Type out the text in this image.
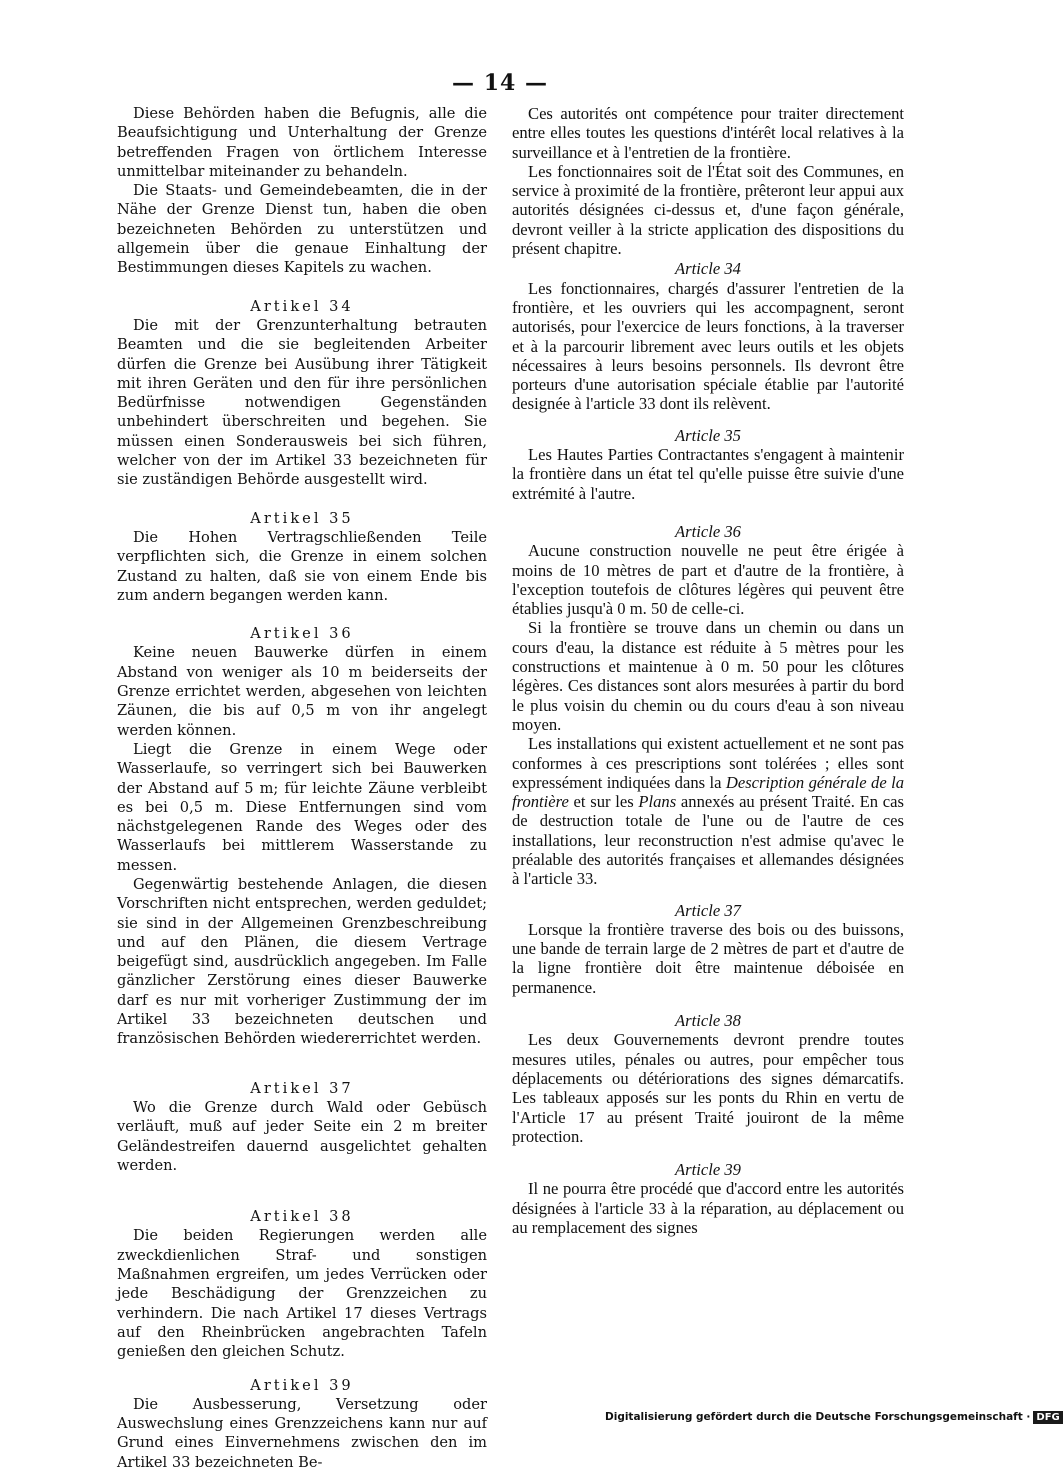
— 14 —

Diese Behörden haben die Befugnis, alle die Beaufsichtigung und Unterhaltung der Grenze betreffenden Fragen von örtlichem Interesse unmittelbar miteinander zu behandeln.

Die Staats- und Gemeindebeamten, die in der Nähe der Grenze Dienst tun, haben die oben bezeichneten Behörden zu unterstützen und allgemein über die genaue Einhaltung der Bestimmungen dieses Kapitels zu wachen.

Artikel 34

Die mit der Grenzunterhaltung betrauten Beamten und die sie begleitenden Arbeiter dürfen die Grenze bei Ausübung ihrer Tätigkeit mit ihren Geräten und den für ihre persönlichen Bedürfnisse notwendigen Gegenständen unbehindert überschreiten und begehen. Sie müssen einen Sonderausweis bei sich führen, welcher von der im Artikel 33 bezeichneten für sie zuständigen Behörde ausgestellt wird.

Artikel 35

Die Hohen Vertragschließenden Teile verpflichten sich, die Grenze in einem solchen Zustand zu halten, daß sie von einem Ende bis zum andern begangen werden kann.

Artikel 36

Keine neuen Bauwerke dürfen in einem Abstand von weniger als 10 m beiderseits der Grenze errichtet werden, abgesehen von leichten Zäunen, die bis auf 0,5 m von ihr angelegt werden können.

Liegt die Grenze in einem Wege oder Wasserlaufe, so verringert sich bei Bauwerken der Abstand auf 5 m; für leichte Zäune verbleibt es bei 0,5 m. Diese Entfernungen sind vom nächstgelegenen Rande des Weges oder des Wasserlaufs bei mittlerem Wasserstande zu messen.

Gegenwärtig bestehende Anlagen, die diesen Vorschriften nicht entsprechen, werden geduldet; sie sind in der Allgemeinen Grenzbeschreibung und auf den Plänen, die diesem Vertrage beigefügt sind, ausdrücklich angegeben. Im Falle gänzlicher Zerstörung eines dieser Bauwerke darf es nur mit vorheriger Zustimmung der im Artikel 33 bezeichneten deutschen und französischen Behörden wiedererrichtet werden.

Artikel 37

Wo die Grenze durch Wald oder Gebüsch verläuft, muß auf jeder Seite ein 2 m breiter Geländestreifen dauernd ausgelichtet gehalten werden.

Artikel 38

Die beiden Regierungen werden alle zweckdienlichen Straf- und sonstigen Maßnahmen ergreifen, um jedes Verrücken oder jede Beschädigung der Grenzzeichen zu verhindern. Die nach Artikel 17 dieses Vertrags auf den Rheinbrücken angebrachten Tafeln genießen den gleichen Schutz.

Artikel 39

Die Ausbesserung, Versetzung oder Auswechslung eines Grenzzeichens kann nur auf Grund eines Einvernehmens zwischen den im Artikel 33 bezeichneten Be-

Ces autorités ont compétence pour traiter directement entre elles toutes les questions d'intérêt local relatives à la surveillance et à l'entretien de la frontière.

Les fonctionnaires soit de l'État soit des Communes, en service à proximité de la frontière, prêteront leur appui aux autorités désignées ci-dessus et, d'une façon générale, devront veiller à la stricte application des dispositions du présent chapitre.

Article 34

Les fonctionnaires, chargés d'assurer l'entretien de la frontière, et les ouvriers qui les accompagnent, seront autorisés, pour l'exercice de leurs fonctions, à la traverser et à la parcourir librement avec leurs outils et les objets nécessaires à leurs besoins personnels. Ils devront être porteurs d'une autorisation spéciale établie par l'autorité designée à l'article 33 dont ils relèvent.

Article 35

Les Hautes Parties Contractantes s'engagent à maintenir la frontière dans un état tel qu'elle puisse être suivie d'une extrémité à l'autre.

Article 36

Aucune construction nouvelle ne peut être érigée à moins de 10 mètres de part et d'autre de la frontière, à l'exception toutefois de clôtures légères qui peuvent être établies jusqu'à 0 m. 50 de celle-ci.

Si la frontière se trouve dans un chemin ou dans un cours d'eau, la distance est réduite à 5 mètres pour les constructions et maintenue à 0 m. 50 pour les clôtures légères. Ces distances sont alors mesurées à partir du bord le plus voisin du chemin ou du cours d'eau à son niveau moyen.

Les installations qui existent actuellement et ne sont pas conformes à ces prescriptions sont tolérées ; elles sont expressément indiquées dans la Description générale de la frontière et sur les Plans annexés au présent Traité. En cas de destruction totale de l'une ou de l'autre de ces installations, leur reconstruction n'est admise qu'avec le préalable des autorités françaises et allemandes désignées à l'article 33.

Article 37

Lorsque la frontière traverse des bois ou des buissons, une bande de terrain large de 2 mètres de part et d'autre de la ligne frontière doit être maintenue déboisée en permanence.

Article 38

Les deux Gouvernements devront prendre toutes mesures utiles, pénales ou autres, pour empêcher tous déplacements ou détériorations des signes démarcatifs. Les tableaux apposés sur les ponts du Rhin en vertu de l'Article 17 au présent Traité jouiront de la même protection.

Article 39

Il ne pourra être procédé que d'accord entre les autorités désignées à l'article 33 à la réparation, au déplacement ou au remplacement des signes

Digitalisierung gefördert durch die Deutsche Forschungsgemeinschaft · DFG
